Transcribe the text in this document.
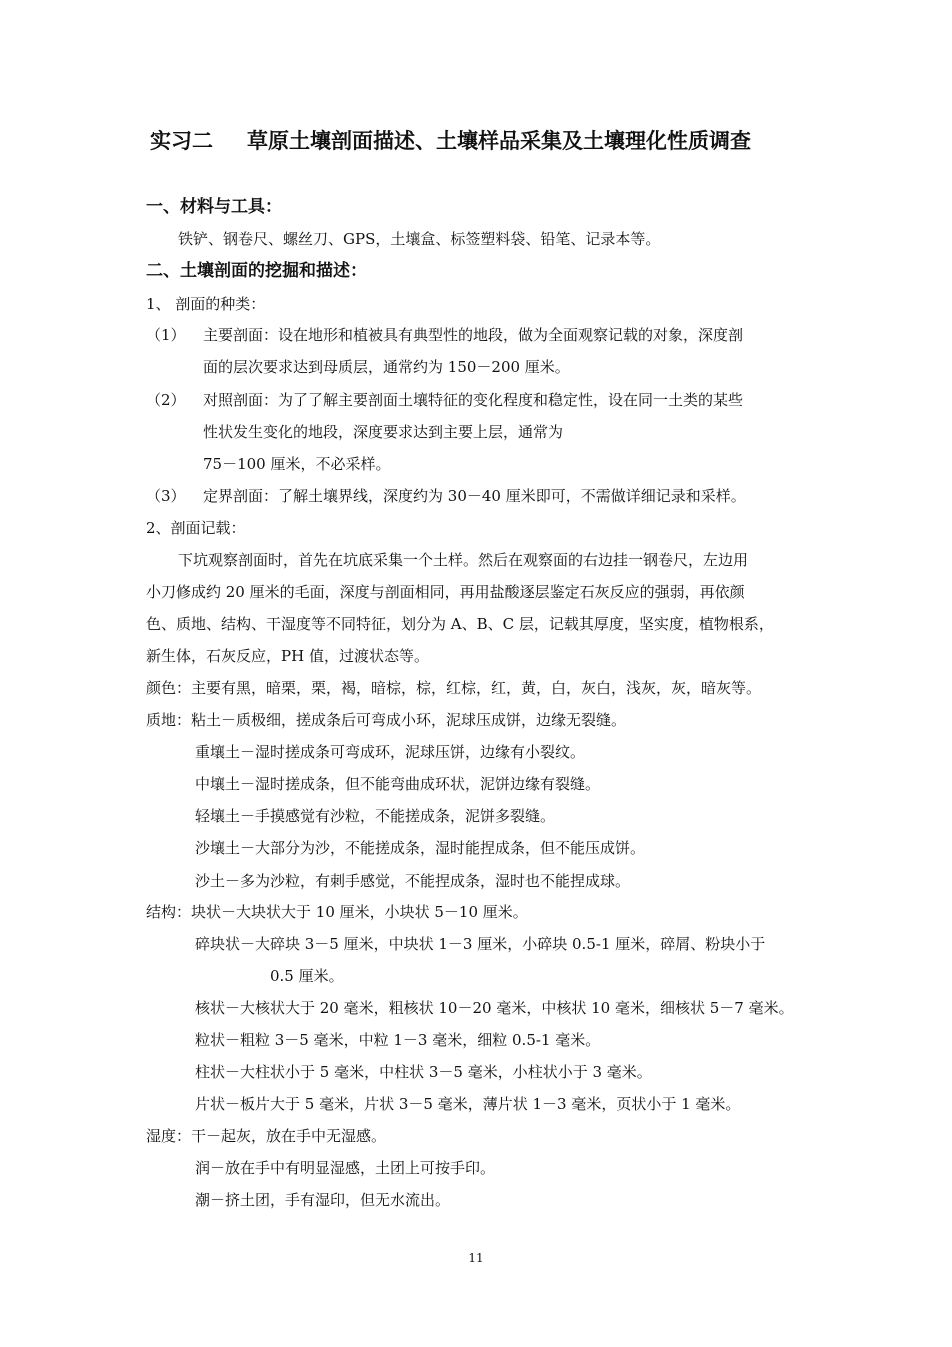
实习二 草原土壤剖面描述、土壤样品采集及土壤理化性质调查
一、材料与工具：
铁铲、钢卷尺、螺丝刀、GPS，土壤盒、标签塑料袋、铅笔、记录本等。
二、土壤剖面的挖掘和描述：
1、 剖面的种类：
（1） 主要剖面：设在地形和植被具有典型性的地段，做为全面观察记载的对象，深度剖
面的层次要求达到母质层，通常约为 150－200 厘米。
（2） 对照剖面：为了了解主要剖面土壤特征的变化程度和稳定性，设在同一土类的某些
性状发生变化的地段，深度要求达到主要上层，通常为
75－100 厘米，不必采样。
（3） 定界剖面：了解土壤界线，深度约为 30－40 厘米即可，不需做详细记录和采样。
2、剖面记载：
下坑观察剖面时，首先在坑底采集一个土样。然后在观察面的右边挂一钢卷尺，左边用
小刀修成约 20 厘米的毛面，深度与剖面相同，再用盐酸逐层鉴定石灰反应的强弱，再依颜
色、质地、结构、干湿度等不同特征，划分为 A、B、C 层，记载其厚度，坚实度，植物根系，
新生体，石灰反应，PH 值，过渡状态等。
颜色：主要有黑，暗栗，栗，褐，暗棕，棕，红棕，红，黄，白，灰白，浅灰，灰，暗灰等。
质地：粘土－质极细，搓成条后可弯成小环，泥球压成饼，边缘无裂缝。
重壤土－湿时搓成条可弯成环，泥球压饼，边缘有小裂纹。
中壤土－湿时搓成条，但不能弯曲成环状，泥饼边缘有裂缝。
轻壤土－手摸感觉有沙粒，不能搓成条，泥饼多裂缝。
沙壤土－大部分为沙，不能搓成条，湿时能捏成条，但不能压成饼。
沙土－多为沙粒，有刺手感觉，不能捏成条，湿时也不能捏成球。
结构：块状－大块状大于 10 厘米，小块状 5－10 厘米。
碎块状－大碎块 3－5 厘米，中块状 1－3 厘米，小碎块 0.5-1 厘米，碎屑、粉块小于
0.5 厘米。
核状－大核状大于 20 毫米，粗核状 10－20 毫米，中核状 10 毫米，细核状 5－7 毫米。
粒状－粗粒 3－5 毫米，中粒 1－3 毫米，细粒 0.5-1 毫米。
柱状－大柱状小于 5 毫米，中柱状 3－5 毫米，小柱状小于 3 毫米。
片状－板片大于 5 毫米，片状 3－5 毫米，薄片状 1－3 毫米，页状小于 1 毫米。
湿度：干－起灰，放在手中无湿感。
润－放在手中有明显湿感，土团上可按手印。
潮－挤土团，手有湿印，但无水流出。
11
